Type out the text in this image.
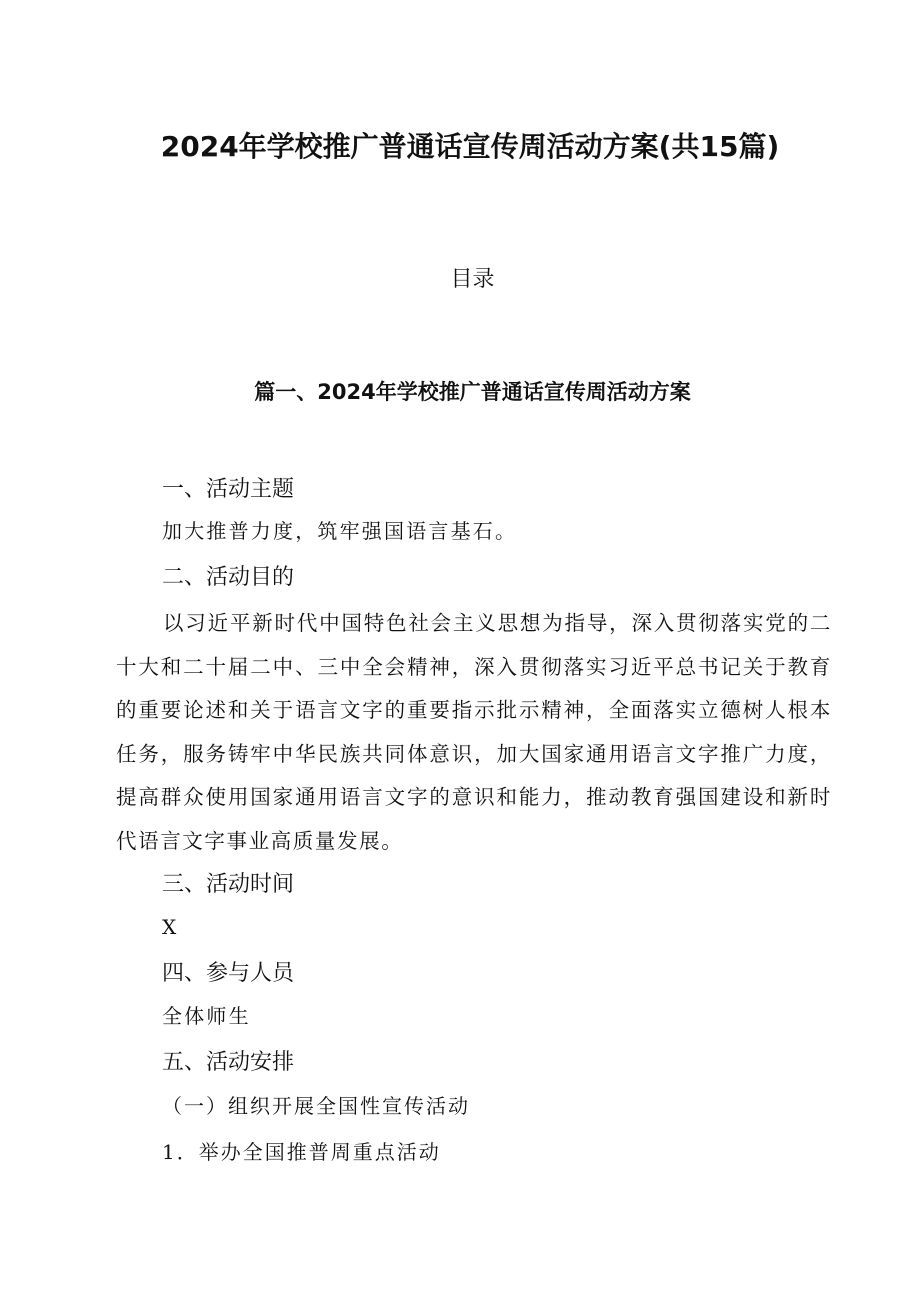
2024年学校推广普通话宣传周活动方案(共15篇)
目录
篇一、2024年学校推广普通话宣传周活动方案
一、活动主题

加大推普力度，筑牢强国语言基石。

二、活动目的

以习近平新时代中国特色社会主义思想为指导，深入贯彻落实党的二十大和二十届二中、三中全会精神，深入贯彻落实习近平总书记关于教育的重要论述和关于语言文字的重要指示批示精神，全面落实立德树人根本任务，服务铸牢中华民族共同体意识，加大国家通用语言文字推广力度，提高群众使用国家通用语言文字的意识和能力，推动教育强国建设和新时代语言文字事业高质量发展。

三、活动时间

X

四、参与人员

全体师生

五、活动安排

（一）组织开展全国性宣传活动

1．举办全国推普周重点活动
